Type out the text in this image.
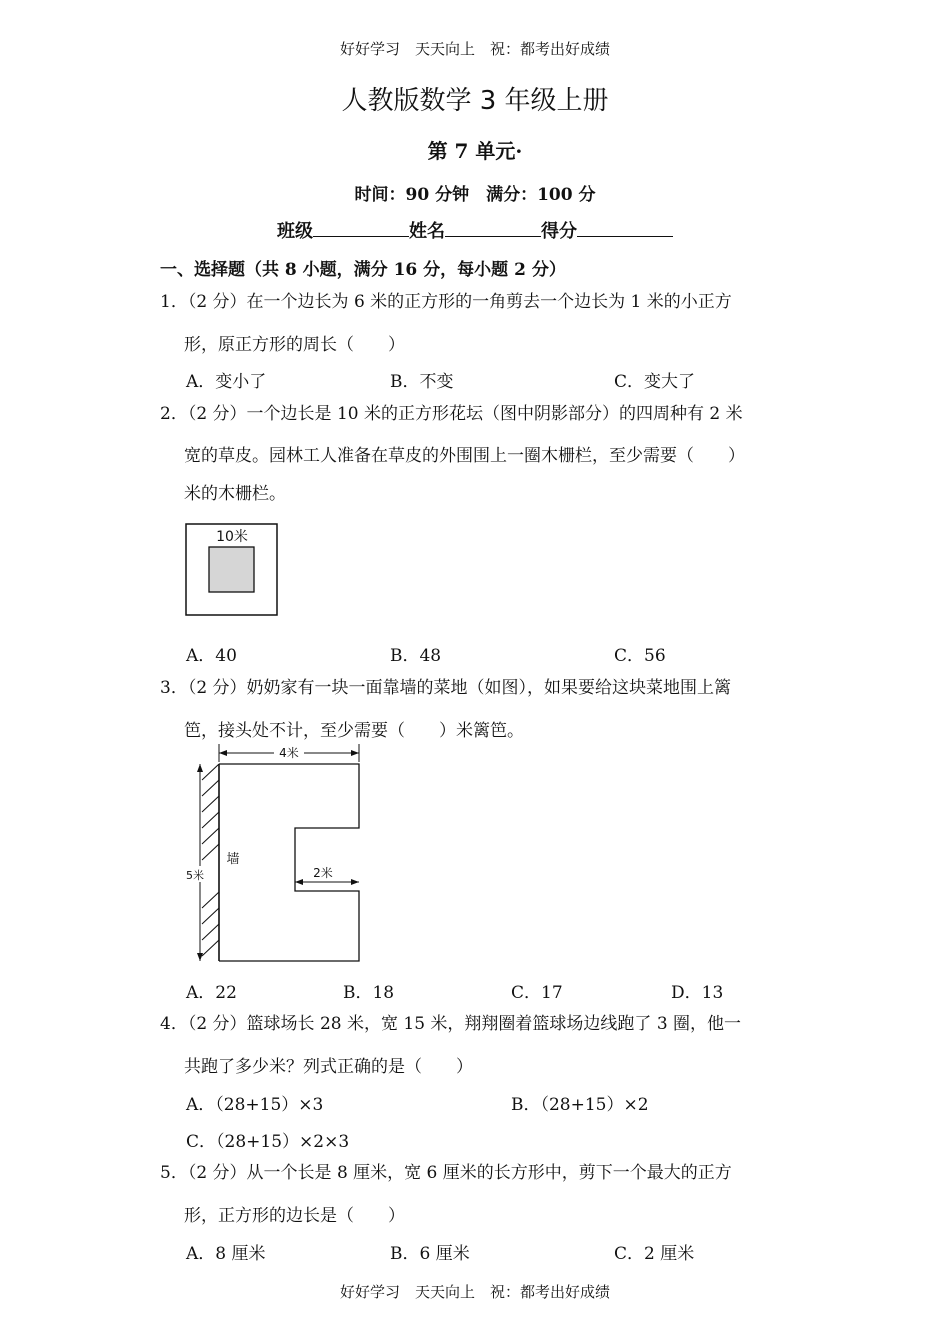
好好学习　天天向上　祝：都考出好成绩
人教版数学 3 年级上册
第 7 单元·
时间：90 分钟　满分：100 分
班级	姓名	得分
一、选择题（共 8 小题，满分 16 分，每小题 2 分）
1．（2 分）在一个边长为 6 米的正方形的一角剪去一个边长为 1 米的小正方
形，原正方形的周长（　　）
A．变小了	B．不变	C．变大了
2．（2 分）一个边长是 10 米的正方形花坛（图中阴影部分）的四周种有 2 米
宽的草皮。园林工人准备在草皮的外围围上一圈木栅栏，至少需要（　　）
米的木栅栏。
10米
A．40	B．48	C．56
3．（2 分）奶奶家有一块一面靠墙的菜地（如图），如果要给这块菜地围上篱
笆，接头处不计，至少需要（　　）米篱笆。
4米
5米
墙
2米
A．22	B．18	C．17	D．13
4．（2 分）篮球场长 28 米，宽 15 米，翔翔圈着篮球场边线跑了 3 圈，他一
共跑了多少米？列式正确的是（　　）
A．（28+15）×3	B．（28+15）×2
C．（28+15）×2×3
5．（2 分）从一个长是 8 厘米，宽 6 厘米的长方形中，剪下一个最大的正方
形，正方形的边长是（　　）
A．8 厘米	B．6 厘米	C．2 厘米
好好学习　天天向上　祝：都考出好成绩
